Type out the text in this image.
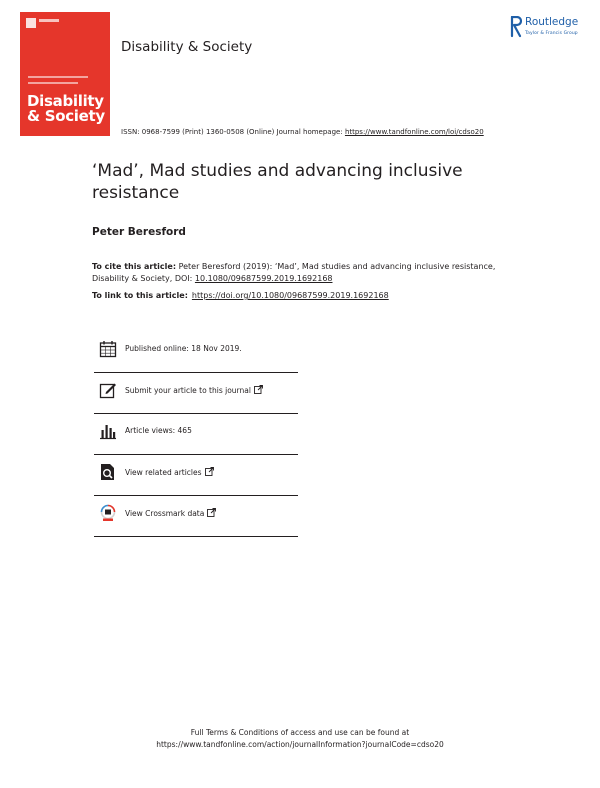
Disability
& Society
Disability & Society
Routledge
Taylor & Francis Group
ISSN: 0968-7599 (Print) 1360-0508 (Online) Journal homepage: https://www.tandfonline.com/loi/cdso20
‘Mad’, Mad studies and advancing inclusive resistance
Peter Beresford
To cite this article: Peter Beresford (2019): ‘Mad’, Mad studies and advancing inclusive resistance, Disability & Society, DOI: 10.1080/09687599.2019.1692168
To link to this article: https://doi.org/10.1080/09687599.2019.1692168
Published online: 18 Nov 2019.
Submit your article to this journal
Article views: 465
View related articles
View Crossmark data
Full Terms & Conditions of access and use can be found at
https://www.tandfonline.com/action/journalInformation?journalCode=cdso20
